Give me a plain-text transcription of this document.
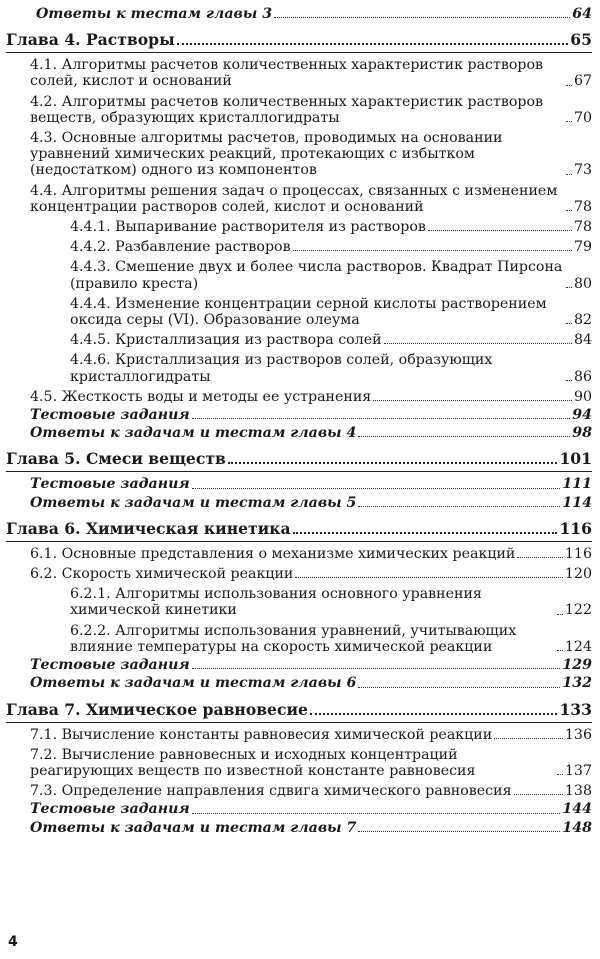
Ответы к тестам главы 3	64
Глава 4. Растворы	65
4.1. Алгоритмы расчетов количественных характеристик растворов солей, кислот и оснований	67
4.2. Алгоритмы расчетов количественных характеристик растворов веществ, образующих кристаллогидраты	70
4.3. Основные алгоритмы расчетов, проводимых на основании уравнений химических реакций, протекающих с избытком (недостатком) одного из компонентов	73
4.4. Алгоритмы решения задач о процессах, связанных с изменением концентрации растворов солей, кислот и оснований	78
4.4.1. Выпаривание растворителя из растворов	78
4.4.2. Разбавление растворов	79
4.4.3. Смешение двух и более числа растворов. Квадрат Пирсона (правило креста)	80
4.4.4. Изменение концентрации серной кислоты растворением оксида серы (VI). Образование олеума	82
4.4.5. Кристаллизация из раствора солей	84
4.4.6. Кристаллизация из растворов солей, образующих кристаллогидраты	86
4.5. Жесткость воды и методы ее устранения	90
Тестовые задания	94
Ответы к задачам и тестам главы 4	98
Глава 5. Смеси веществ	101
Тестовые задания	111
Ответы к задачам и тестам главы 5	114
Глава 6. Химическая кинетика	116
6.1. Основные представления о механизме химических реакций	116
6.2. Скорость химической реакции	120
6.2.1. Алгоритмы использования основного уравнения химической кинетики	122
6.2.2. Алгоритмы использования уравнений, учитывающих влияние температуры на скорость химической реакции	124
Тестовые задания	129
Ответы к задачам и тестам главы 6	132
Глава 7. Химическое равновесие	133
7.1. Вычисление константы равновесия химической реакции	136
7.2. Вычисление равновесных и исходных концентраций реагирующих веществ по известной константе равновесия	137
7.3. Определение направления сдвига химического равновесия	138
Тестовые задания	144
Ответы к задачам и тестам главы 7	148
4
